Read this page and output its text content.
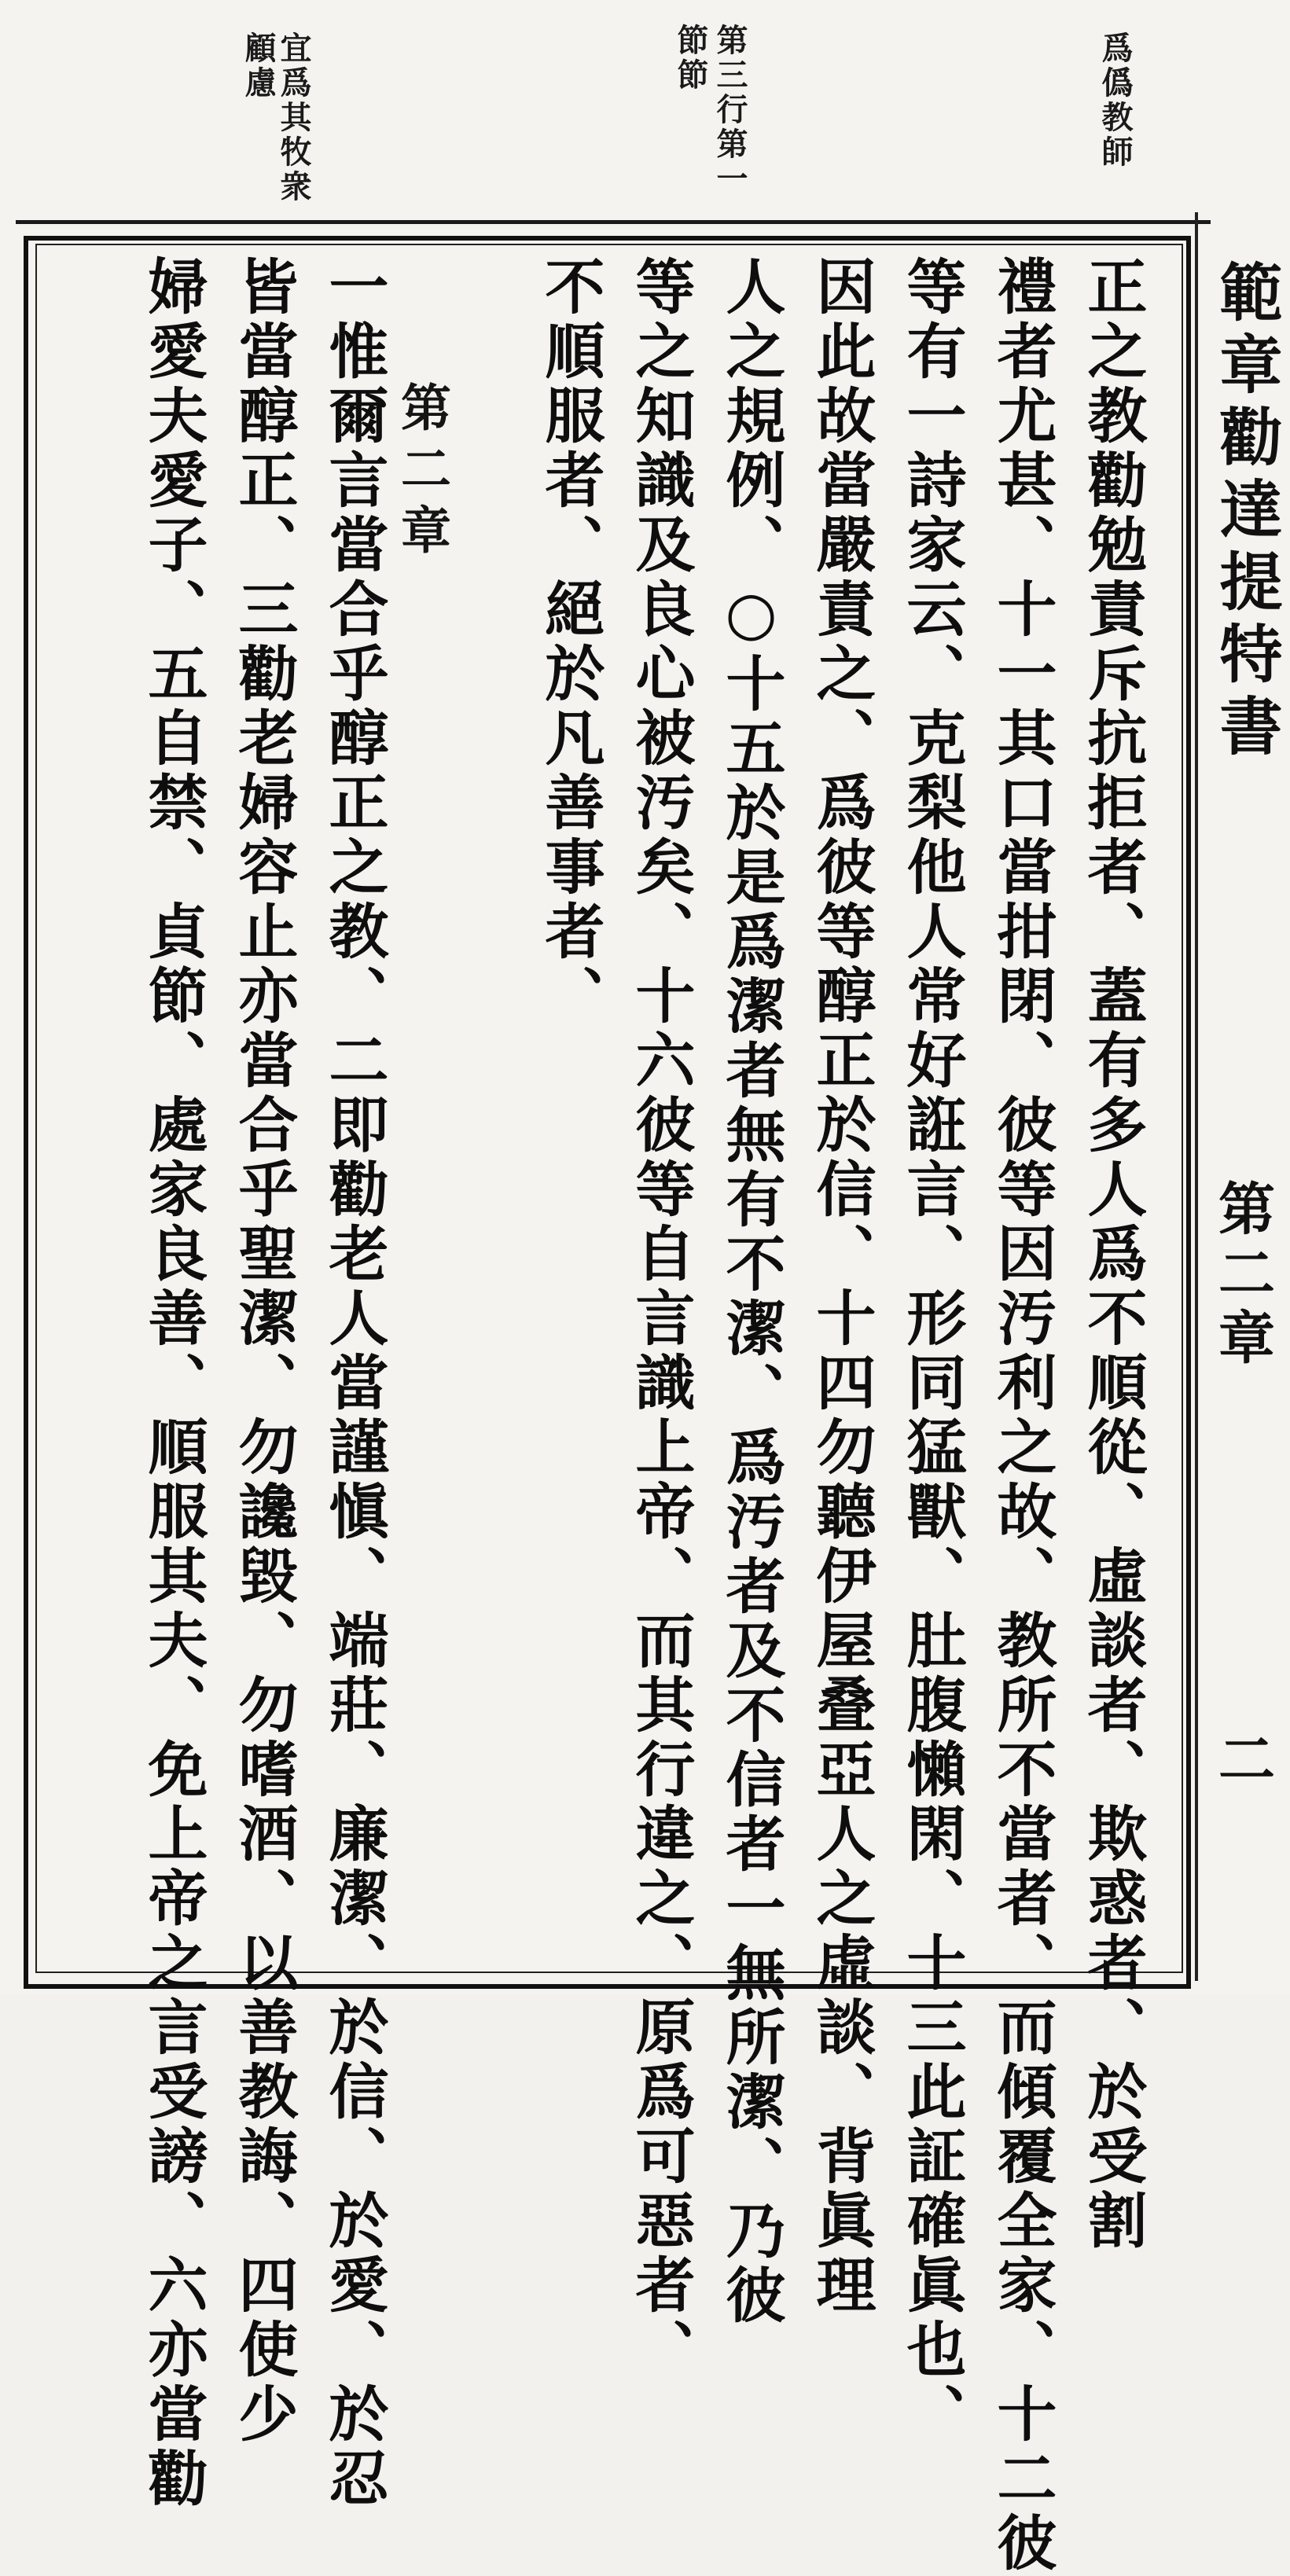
爲僞教師
第三行第一
節節
宜爲其牧衆
顧慮
範章勸達提特書
第二章
二
正之教勸勉責斥抗拒者、蓋有多人爲不順從、虛談者、欺惑者、於受割
禮者尤甚、十一其口當拑閉、彼等因汚利之故、教所不當者、而傾覆全家、十二彼
等有一詩家云、克梨他人常好誑言、形同猛獸、肚腹懶閑、十三此証確眞也、
因此故當嚴責之、爲彼等醇正於信、十四勿聽伊屋叠亞人之虛談、背眞理
人之規例、○十五於是爲潔者無有不潔、爲汚者及不信者一無所潔、乃彼
等之知識及良心被汚矣、十六彼等自言識上帝、而其行違之、原爲可惡者、
不順服者、絕於凡善事者、
第二章
一惟爾言當合乎醇正之教、二即勸老人當謹愼、端莊、廉潔、於信、於愛、於忍
皆當醇正、三勸老婦容止亦當合乎聖潔、勿讒毀、勿嗜酒、以善教誨、四使少
婦愛夫愛子、五自禁、貞節、處家良善、順服其夫、免上帝之言受謗、六亦當勸
